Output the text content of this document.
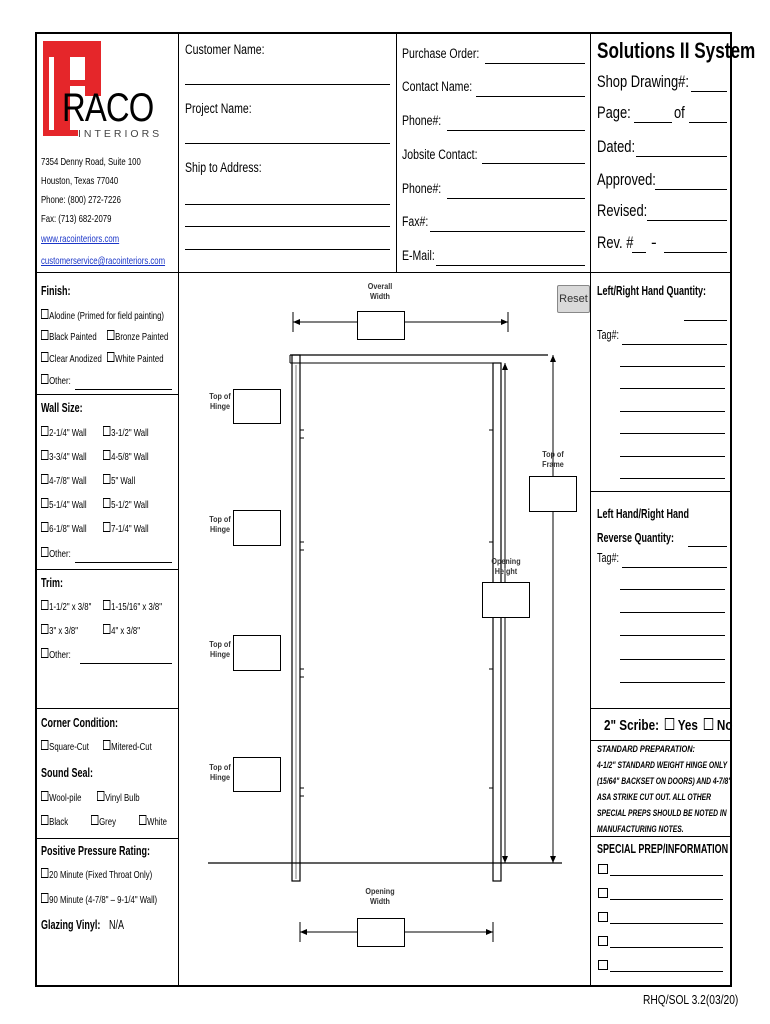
RACO
INTERIORS
7354 Denny Road, Suite 100
Houston, Texas 77040
Phone: (800) 272-7226
Fax: (713) 682-2079
www.racointeriors.com
customerservice@racointeriors.com
Customer Name:
Project Name:
Ship to Address:
Purchase Order:
Contact Name:
Phone#:
Jobsite Contact:
Phone#:
Fax#:
E-Mail:
Solutions II System
Shop Drawing#:
Page:	of
Dated:
Approved:
Revised:
Rev. # -
Finish:
Alodine (Primed for field painting)
Black Painted	Bronze Painted
Clear Anodized	White Painted
Other:
Wall Size:
2-1/4" Wall	3-1/2" Wall
3-3/4" Wall	4-5/8" Wall
4-7/8" Wall	5" Wall
5-1/4" Wall	5-1/2" Wall
6-1/8" Wall	7-1/4" Wall
Other:
Trim:
1-1/2" x 3/8"	1-15/16" x 3/8"
3" x 3/8"	4" x 3/8"
Other:
Corner Condition:
Square-Cut	Mitered-Cut
Sound Seal:
Wool-pile	Vinyl Bulb
Black	Grey	White
Positive Pressure Rating:
20 Minute (Fixed Throat Only)
90 Minute (4-7/8" – 9-1/4" Wall)
Glazing Vinyl: N/A
Overall
Width	Reset
Top of
Hinge
Top of
Hinge
Top of
Hinge
Top of
Hinge
Top of
Frame
Opening
Height
Opening
Width
Left/Right Hand Quantity:
Tag#:
Left Hand/Right Hand
Reverse Quantity:
Tag#:
2" Scribe: Yes No
STANDARD PREPARATION:
4-1/2" STANDARD WEIGHT HINGE ONLY
(15/64" BACKSET ON DOORS) AND 4-7/8"
ASA STRIKE CUT OUT. ALL OTHER
SPECIAL PREPS SHOULD BE NOTED IN
MANUFACTURING NOTES.
SPECIAL PREP/INFORMATION
RHQ/SOL 3.2(03/20)
